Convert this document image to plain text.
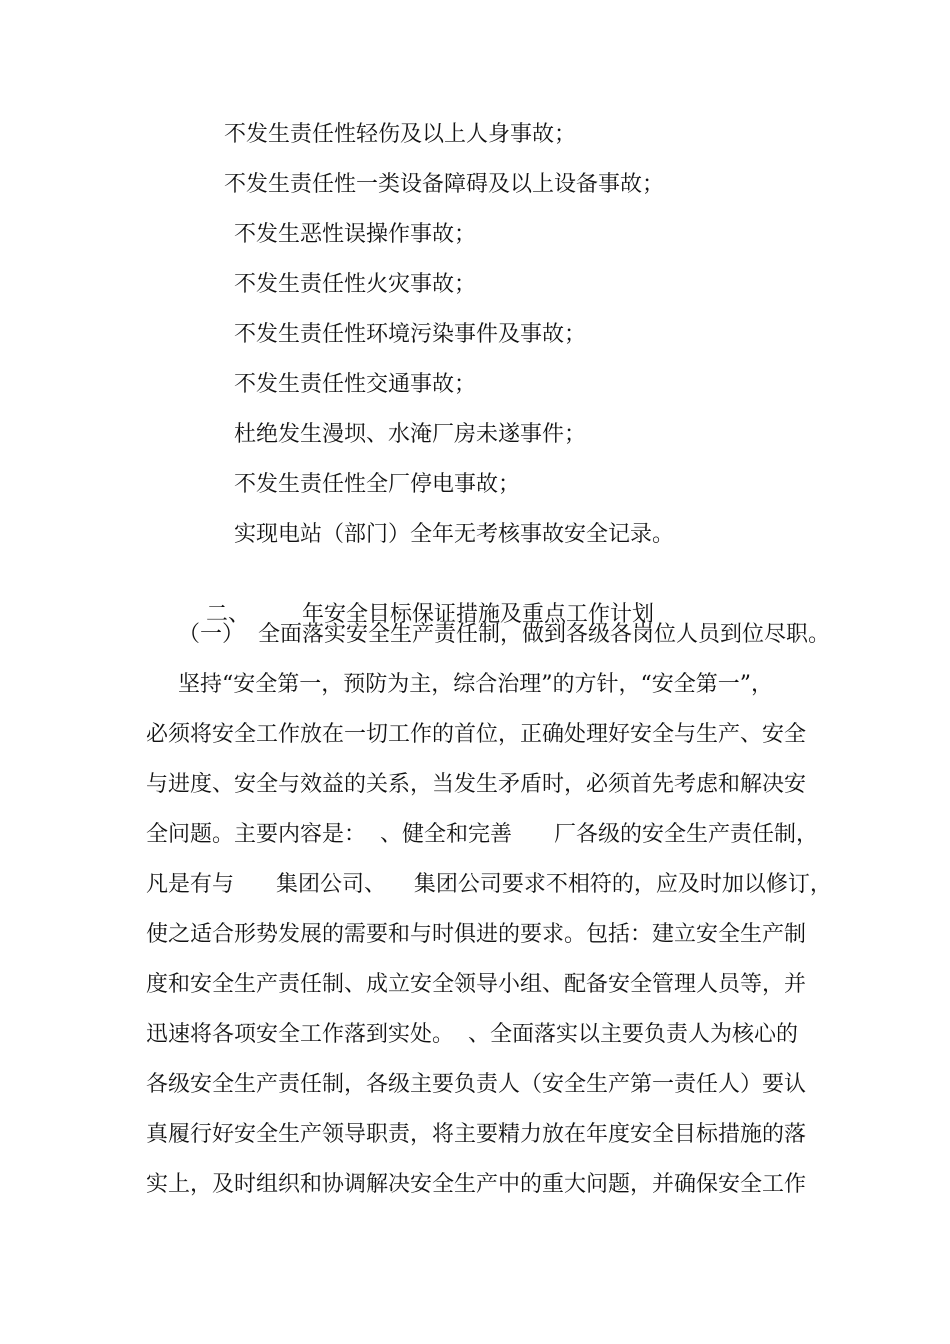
不发生责任性轻伤及以上人身事故；
不发生责任性一类设备障碍及以上设备事故；
不发生恶性误操作事故；
不发生责任性火灾事故；
不发生责任性环境污染事件及事故；
不发生责任性交通事故；
杜绝发生漫坝、水淹厂房未遂事件；
不发生责任性全厂停电事故；
实现电站（部门）全年无考核事故安全记录。

二、 年安全目标保证措施及重点工作计划

（一）  全面落实安全生产责任制，做到各级各岗位人员到位尽职。
坚持“安全第一，预防为主，综合治理”的方针，“安全第一”，
必须将安全工作放在一切工作的首位，正确处理好安全与生产、安全
与进度、安全与效益的关系，当发生矛盾时，必须首先考虑和解决安
全问题。主要内容是：  、健全和完善      厂各级的安全生产责任制，
凡是有与      集团公司、    集团公司要求不相符的，应及时加以修订，
使之适合形势发展的需要和与时俱进的要求。包括：建立安全生产制
度和安全生产责任制、成立安全领导小组、配备安全管理人员等，并
迅速将各项安全工作落到实处。  、全面落实以主要负责人为核心的
各级安全生产责任制，各级主要负责人（安全生产第一责任人）要认
真履行好安全生产领导职责，将主要精力放在年度安全目标措施的落
实上，及时组织和协调解决安全生产中的重大问题，并确保安全工作
